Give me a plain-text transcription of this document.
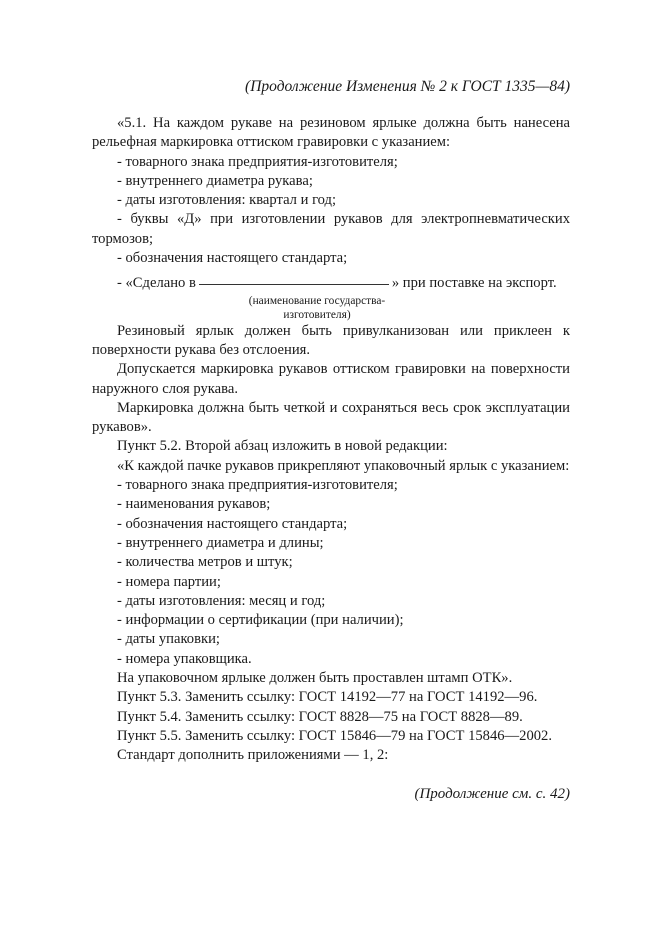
(Продолжение Изменения № 2 к ГОСТ 1335—84)

«5.1. На каждом рукаве на резиновом ярлыке должна быть нанесена рельефная маркировка оттиском гравировки с указанием:

- товарного знака предприятия-изготовителя;
- внутреннего диаметра рукава;
- даты изготовления: квартал и год;

- буквы «Д» при изготовлении рукавов для электропневматических тормозов;

- обозначения настоящего стандарта;
- «Сделано в	» при поставке на экспорт.
(наименование государства-
изготовителя)

Резиновый ярлык должен быть привулканизован или приклеен к поверхности рукава без отслоения.

Допускается маркировка рукавов оттиском гравировки на поверхности наружного слоя рукава.

Маркировка должна быть четкой и сохраняться весь срок эксплуатации рукавов».

Пункт 5.2. Второй абзац изложить в новой редакции:

«К каждой пачке рукавов прикрепляют упаковочный ярлык с указанием:

- товарного знака предприятия-изготовителя;
- наименования рукавов;
- обозначения настоящего стандарта;
- внутреннего диаметра и длины;
- количества метров и штук;
- номера партии;
- даты изготовления: месяц и год;
- информации о сертификации (при наличии);
- даты упаковки;
- номера упаковщика.

На упаковочном ярлыке должен быть проставлен штамп ОТК».

Пункт 5.3. Заменить ссылку: ГОСТ 14192—77 на ГОСТ 14192—96.

Пункт 5.4. Заменить ссылку: ГОСТ 8828—75 на ГОСТ 8828—89.

Пункт 5.5. Заменить ссылку: ГОСТ 15846—79 на ГОСТ 15846—2002.

Стандарт дополнить приложениями — 1, 2:

(Продолжение см. с. 42)
